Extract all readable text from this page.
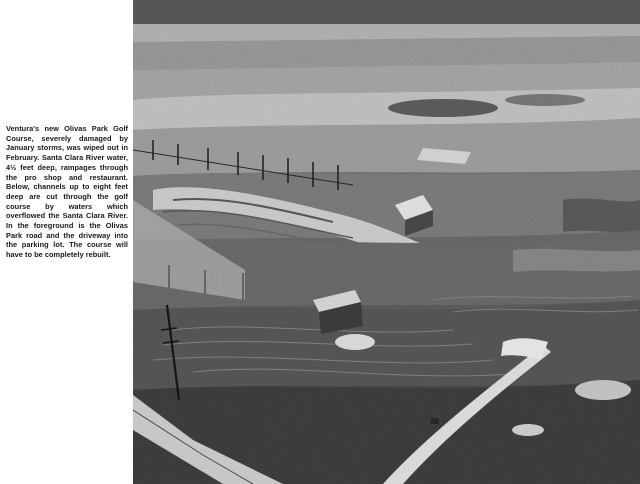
Ventura's new Olivas Park Golf Course, severely damaged by January storms, was wiped out in February. Santa Clara River water, 4½ feet deep, rampages through the pro shop and restaurant. Below, channels up to eight feet deep are cut through the golf course by waters which overflowed the Santa Clara River. In the foreground is the Olivas Park road and the driveway into the parking lot. The course will have to be completely rebuilt.
